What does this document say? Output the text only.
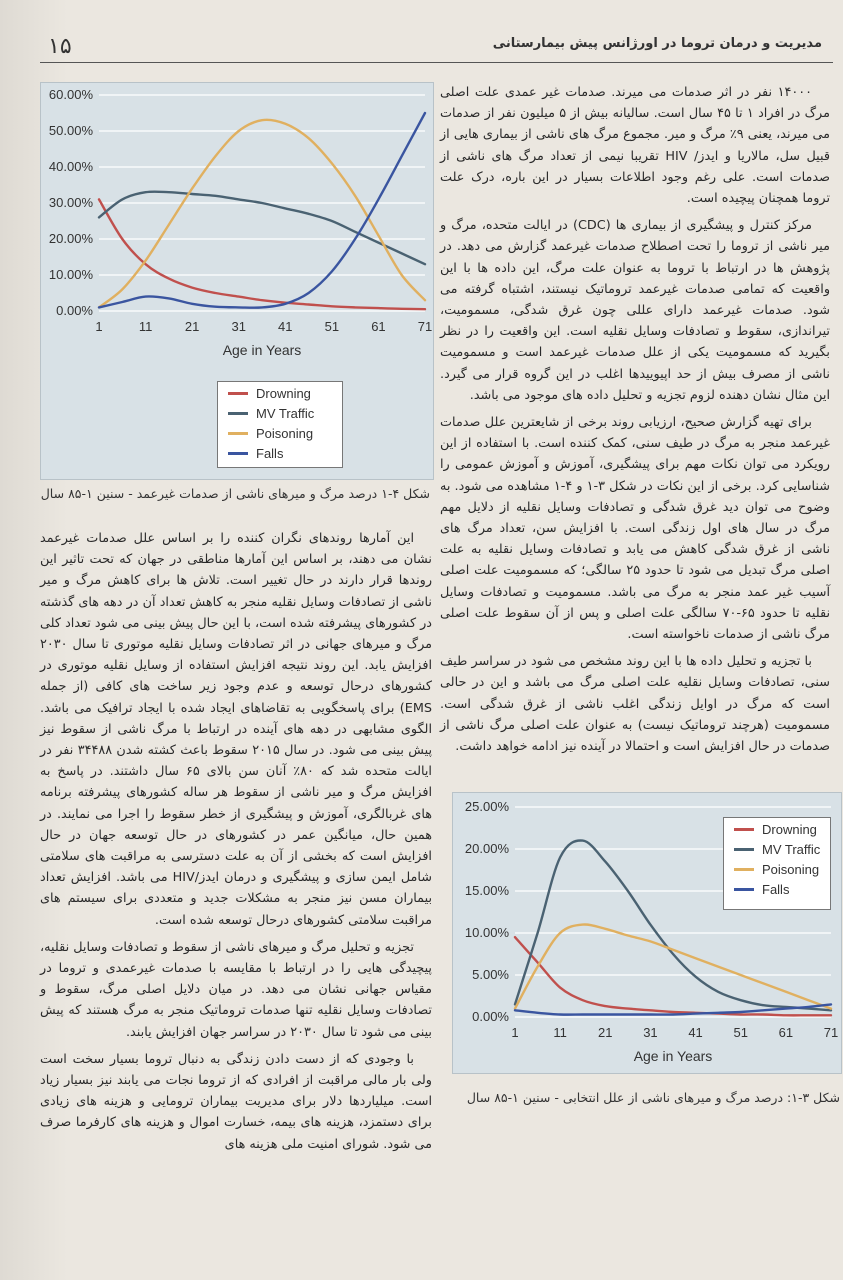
۱۵	مدیریت و درمان تروما در اورژانس پیش بیمارستانی
0.00%
10.00%
20.00%
30.00%
40.00%
50.00%
60.00%
1	11	21 31 41 51 61 71
Age in Years
Drowning
MV Traffic
Poisoning
Falls
شکل ۴-۱ درصد مرگ و میرهای ناشی از صدمات غیرعمد - سنین ۱-۸۵ سال

۱۴۰۰۰ نفر در اثر صدمات می میرند. صدمات غیر عمدی علت اصلی مرگ در افراد ۱ تا ۴۵ سال است. سالیانه بیش از ۵ میلیون نفر از صدمات می میرند، یعنی ۹٪ مرگ و میر. مجموع مرگ های ناشی از بیماری هایی از قبیل سل، مالاریا و ایدز/ HIV تقریبا نیمی از تعداد مرگ های ناشی از صدمات است. علی رغم وجود اطلاعات بسیار در این باره، درک علت تروما همچنان پیچیده است.

مرکز کنترل و پیشگیری از بیماری ها (CDC) در ایالت متحده، مرگ و میر ناشی از تروما را تحت اصطلاح صدمات غیرعمد گزارش می دهد. در پژوهش ها در ارتباط با تروما به عنوان علت مرگ، این داده ها با این واقعیت که تمامی صدمات غیرعمد تروماتیک نیستند، اشتباه گرفته می شود. صدمات غیرعمد دارای عللی چون غرق شدگی، مسمومیت، تیراندازی، سقوط و تصادفات وسایل نقلیه است. این واقعیت را در نظر بگیرید که مسمومیت یکی از علل صدمات غیرعمد است و مسمومیت ناشی از مصرف بیش از حد اپیوییدها اغلب در این گروه قرار می گیرد. این مثال نشان دهنده لزوم تجزیه و تحلیل داده های موجود می باشد.

برای تهیه گزارش صحیح، ارزیابی روند برخی از شایعترین علل صدمات غیرعمد منجر به مرگ در طیف سنی، کمک کننده است. با استفاده از این رویکرد می توان نکات مهم برای پیشگیری، آموزش و آموزش عمومی را شناسایی کرد. برخی از این نکات در شکل ۳-۱ و ۴-۱ مشاهده می شود. به وضوح می توان دید غرق شدگی و تصادفات وسایل نقلیه از دلایل مهم مرگ در سال های اول زندگی است. با افزایش سن، تعداد مرگ های ناشی از غرق شدگی کاهش می یابد و تصادفات وسایل نقلیه به علت اصلی مرگ تبدیل می شود تا حدود ۲۵ سالگی؛ که مسمومیت علت اصلی آسیب غیر عمد منجر به مرگ می باشد. مسمومیت و تصادفات وسایل نقلیه تا حدود ۶۵-۷۰ سالگی علت اصلی و پس از آن سقوط علت اصلی مرگ ناشی از صدمات ناخواسته است.

با تجزیه و تحلیل داده ها با این روند مشخص می شود در سراسر طیف سنی، تصادفات وسایل نقلیه علت اصلی مرگ می باشد و این در حالی است که مرگ در اوایل زندگی اغلب ناشی از غرق شدگی است. مسمومیت (هرچند تروماتیک نیست) به عنوان علت اصلی مرگ ناشی از صدمات در حال افزایش است و احتمالا در آینده نیز ادامه خواهد داشت.

این آمارها روندهای نگران کننده را بر اساس علل صدمات غیرعمد نشان می دهند، بر اساس این آمارها مناطقی در جهان که تحت تاثیر این روندها قرار دارند در حال تغییر است. تلاش ها برای کاهش مرگ و میر ناشی از تصادفات وسایل نقلیه منجر به کاهش تعداد آن در دهه های گذشته در کشورهای پیشرفته شده است، با این حال پیش بینی می شود تعداد کلی مرگ و میرهای جهانی در اثر تصادفات وسایل نقلیه موتوری تا سال ۲۰۳۰ افزایش یابد. این روند نتیجه افزایش استفاده از وسایل نقلیه موتوری در کشورهای درحال توسعه و عدم وجود زیر ساخت های کافی (از جمله EMS) برای پاسخگویی به تقاضاهای ایجاد شده با ایجاد ترافیک می باشد. الگوی مشابهی در دهه های آینده در ارتباط با مرگ ناشی از سقوط نیز پیش بینی می شود. در سال ۲۰۱۵ سقوط باعث کشته شدن ۳۴۴۸۸ نفر در ایالت متحده شد که ۸۰٪ آنان سن بالای ۶۵ سال داشتند. در پاسخ به افزایش مرگ و میر ناشی از سقوط هر ساله کشورهای پیشرفته برنامه های غربالگری، آموزش و پیشگیری از خطر سقوط را اجرا می نمایند. در همین حال، میانگین عمر در کشورهای در حال توسعه جهان در حال افزایش است که بخشی از آن به علت دسترسی به مراقبت های سلامتی شامل ایمن سازی و پیشگیری و درمان ایدز/HIV می باشد. افزایش تعداد بیماران مسن نیز منجر به مشکلات جدید و متعددی برای سیستم های مراقبت سلامتی کشورهای درحال توسعه شده است.

تجزیه و تحلیل مرگ و میرهای ناشی از سقوط و تصادفات وسایل نقلیه، پیچیدگی هایی را در ارتباط با مقایسه با صدمات غیرعمدی و تروما در مقیاس جهانی نشان می دهد. در میان دلایل اصلی مرگ، سقوط و تصادفات وسایل نقلیه تنها صدمات تروماتیک منجر به مرگ هستند که پیش بینی می شود تا سال ۲۰۳۰ در سراسر جهان افزایش یابند.

با وجودی که از دست دادن زندگی به دنبال تروما بسیار سخت است ولی بار مالی مراقبت از افرادی که از تروما نجات می یابند نیز بسیار زیاد است. میلیاردها دلار برای مدیریت بیماران ترومایی و هزینه های زیادی برای دستمزد، هزینه های بیمه، خسارت اموال و هزینه های کارفرما صرف می شود. شورای امنیت ملی هزینه های

0.00%
5.00%
10.00%
15.00%
20.00%
25.00%
1	11 21 31 41 51 61 71
Age in Years
Drowning
MV Traffic
Poisoning
Falls
شکل ۳-۱: درصد مرگ و میرهای ناشی از علل انتخابی - سنین ۱-۸۵ سال
